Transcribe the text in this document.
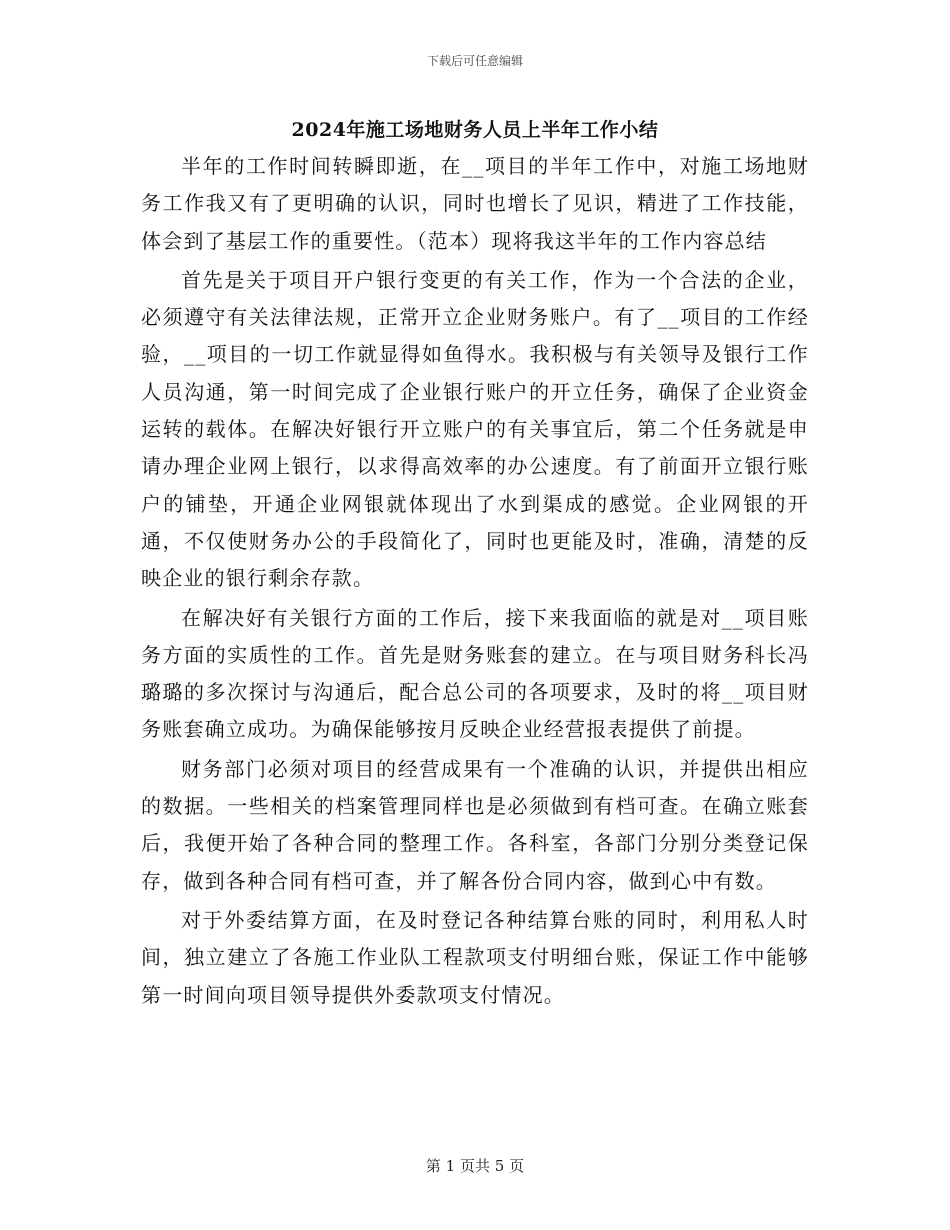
下载后可任意编辑
2024年施工场地财务人员上半年工作小结

半年的工作时间转瞬即逝，在__项目的半年工作中，对施工场地财务工作我又有了更明确的认识，同时也增长了见识，精进了工作技能，体会到了基层工作的重要性。（范本）现将我这半年的工作内容总结

首先是关于项目开户银行变更的有关工作，作为一个合法的企业，必须遵守有关法律法规，正常开立企业财务账户。有了__项目的工作经验，__项目的一切工作就显得如鱼得水。我积极与有关领导及银行工作人员沟通，第一时间完成了企业银行账户的开立任务，确保了企业资金运转的载体。在解决好银行开立账户的有关事宜后，第二个任务就是申请办理企业网上银行，以求得高效率的办公速度。有了前面开立银行账户的铺垫，开通企业网银就体现出了水到渠成的感觉。企业网银的开通，不仅使财务办公的手段简化了，同时也更能及时，准确，清楚的反映企业的银行剩余存款。

在解决好有关银行方面的工作后，接下来我面临的就是对__项目账务方面的实质性的工作。首先是财务账套的建立。在与项目财务科长冯璐璐的多次探讨与沟通后，配合总公司的各项要求，及时的将__项目财务账套确立成功。为确保能够按月反映企业经营报表提供了前提。

财务部门必须对项目的经营成果有一个准确的认识，并提供出相应的数据。一些相关的档案管理同样也是必须做到有档可查。在确立账套后，我便开始了各种合同的整理工作。各科室，各部门分别分类登记保存，做到各种合同有档可查，并了解各份合同内容，做到心中有数。

对于外委结算方面，在及时登记各种结算台账的同时，利用私人时间，独立建立了各施工作业队工程款项支付明细台账，保证工作中能够第一时间向项目领导提供外委款项支付情况。

第 1 页共 5 页
